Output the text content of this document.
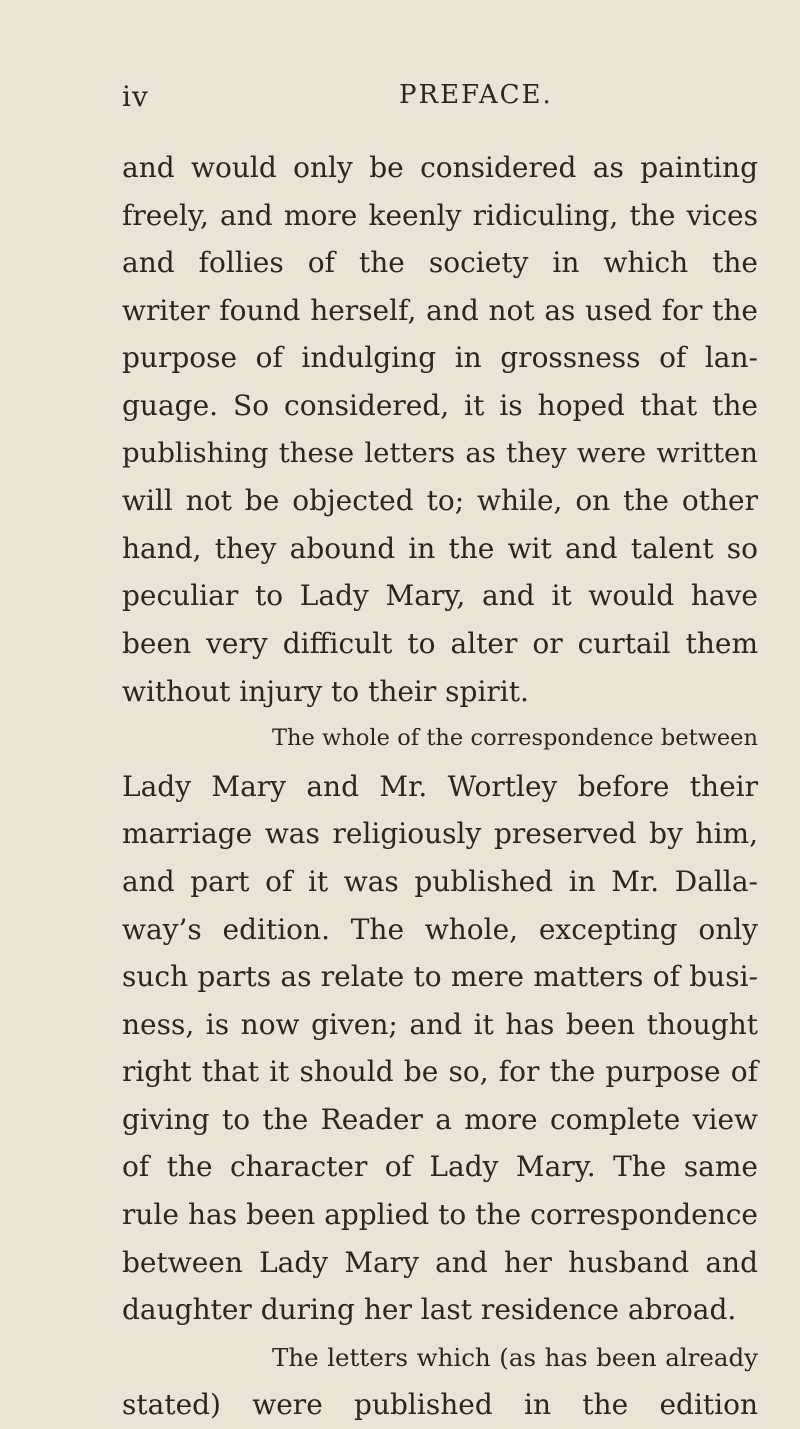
iv	PREFACE.
and would only be considered as painting
freely, and more keenly ridiculing, the vices
and follies of the society in which the
writer found herself, and not as used for the
purpose of indulging in grossness of lan-
guage. So considered, it is hoped that the
publishing these letters as they were written
will not be objected to; while, on the other
hand, they abound in the wit and talent so
peculiar to Lady Mary, and it would have
been very difficult to alter or curtail them
without injury to their spirit.
The whole of the correspondence between
Lady Mary and Mr. Wortley before their
marriage was religiously preserved by him,
and part of it was published in Mr. Dalla-
way’s edition. The whole, excepting only
such parts as relate to mere matters of busi-
ness, is now given; and it has been thought
right that it should be so, for the purpose of
giving to the Reader a more complete view
of the character of Lady Mary. The same
rule has been applied to the correspondence
between Lady Mary and her husband and
daughter during her last residence abroad.
The letters which (as has been already
stated) were published in the edition
